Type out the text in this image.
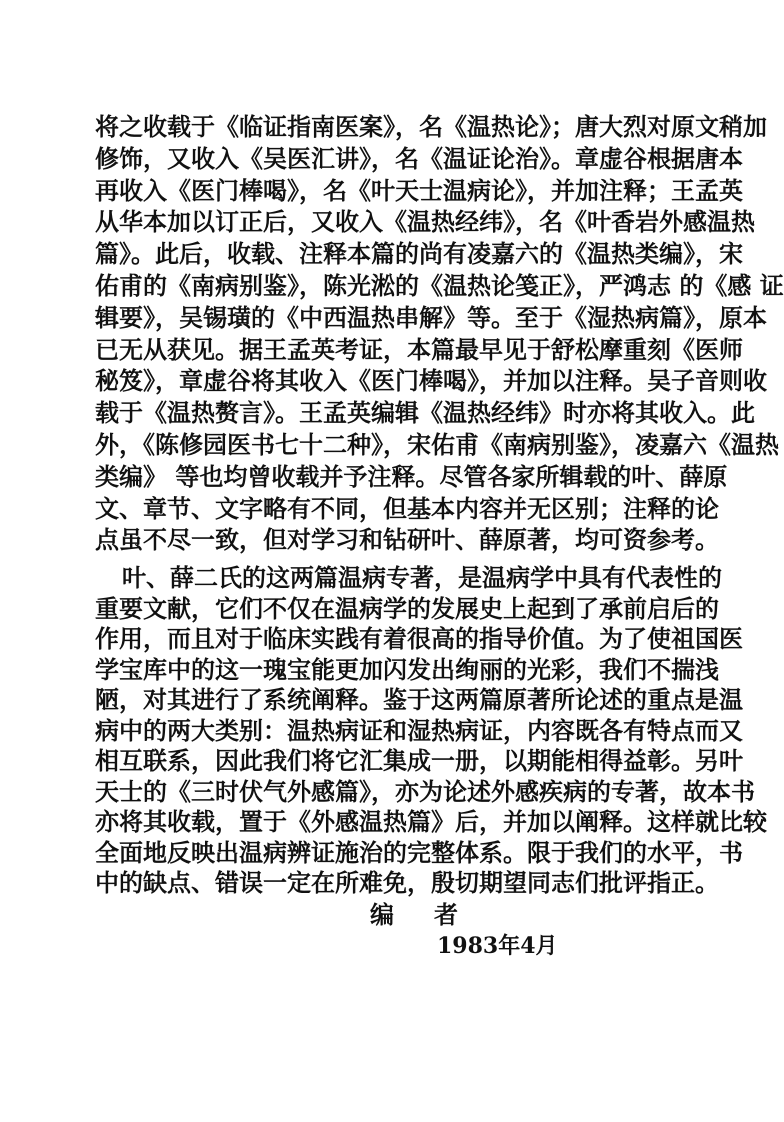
将之收载于《临证指南医案》，名《温热论》；唐大烈对原文稍加
修饰，又收入《吴医汇讲》，名《温证论治》。章虚谷根据唐本
再收入《医门棒喝》，名《叶天士温病论》，并加注释；王孟英
从华本加以订正后，又收入《温热经纬》，名《叶香岩外感温热
篇》。此后，收载、注释本篇的尚有凌嘉六的《温热类编》，宋
佑甫的《南病别鉴》，陈光淞的《温热论笺正》，严鸿志 的《感 证
辑要》，吴锡璜的《中西温热串解》等。至于《湿热病篇》，原本
已无从获见。据王孟英考证，本篇最早见于舒松摩重刻《医师
秘笈》，章虚谷将其收入《医门棒喝》，并加以注释。吴子音则收
载于《温热赘言》。王孟英编辑《温热经纬》时亦将其收入。此
外，《陈修园医书七十二种》，宋佑甫《南病别鉴》，凌嘉六《温热
类编》 等也均曾收载并予注释。尽管各家所辑载的叶、薛原
文、章节、文字略有不同，但基本内容并无区别；注释的论
点虽不尽一致，但对学习和钻研叶、薛原著，均可资参考。
叶、薛二氏的这两篇温病专著，是温病学中具有代表性的
重要文献，它们不仅在温病学的发展史上起到了承前启后的
作用，而且对于临床实践有着很高的指导价值。为了使祖国医
学宝库中的这一瑰宝能更加闪发出绚丽的光彩，我们不揣浅
陋，对其进行了系统阐释。鉴于这两篇原著所论述的重点是温
病中的两大类别：温热病证和湿热病证，内容既各有特点而又
相互联系，因此我们将它汇集成一册，以期能相得益彰。另叶
天士的《三时伏气外感篇》，亦为论述外感疾病的专著，故本书
亦将其收载，置于《外感温热篇》后，并加以阐释。这样就比较
全面地反映出温病辨证施治的完整体系。限于我们的水平，书
中的缺点、错误一定在所难免，殷切期望同志们批评指正。
编者
1983年4月
